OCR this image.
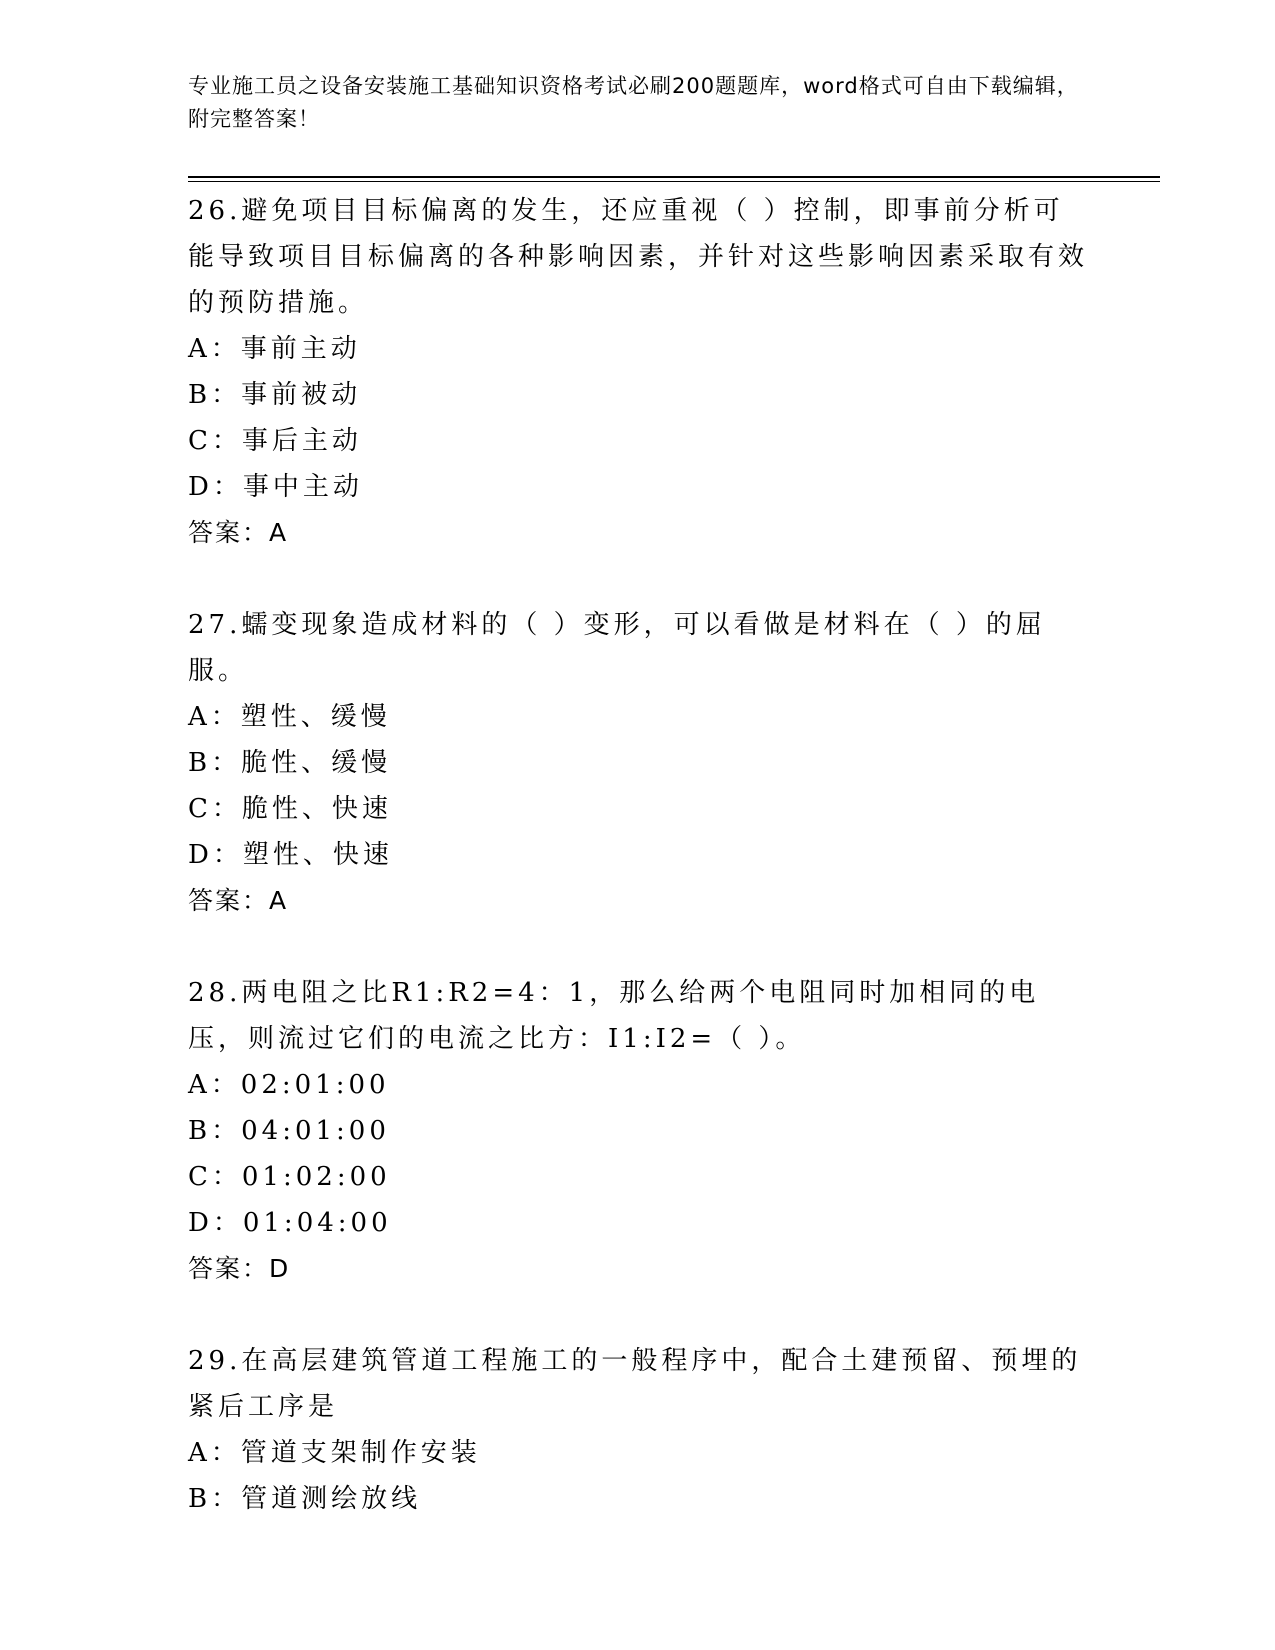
专业施工员之设备安装施工基础知识资格考试必刷200题题库，word格式可自由下载编辑，附完整答案！
26.避免项目目标偏离的发生，还应重视（ ）控制，即事前分析可能导致项目目标偏离的各种影响因素，并针对这些影响因素采取有效的预防措施。
A：事前主动
B：事前被动
C：事后主动
D：事中主动
答案：A
27.蠕变现象造成材料的（ ）变形，可以看做是材料在（ ）的屈服。
A：塑性、缓慢
B：脆性、缓慢
C：脆性、快速
D：塑性、快速
答案：A
28.两电阻之比R1:R2=4：1，那么给两个电阻同时加相同的电压，则流过它们的电流之比方：I1:I2=（ ）。
A：02:01:00
B：04:01:00
C：01:02:00
D：01:04:00
答案：D
29.在高层建筑管道工程施工的一般程序中，配合土建预留、预埋的紧后工序是
A：管道支架制作安装
B：管道测绘放线
